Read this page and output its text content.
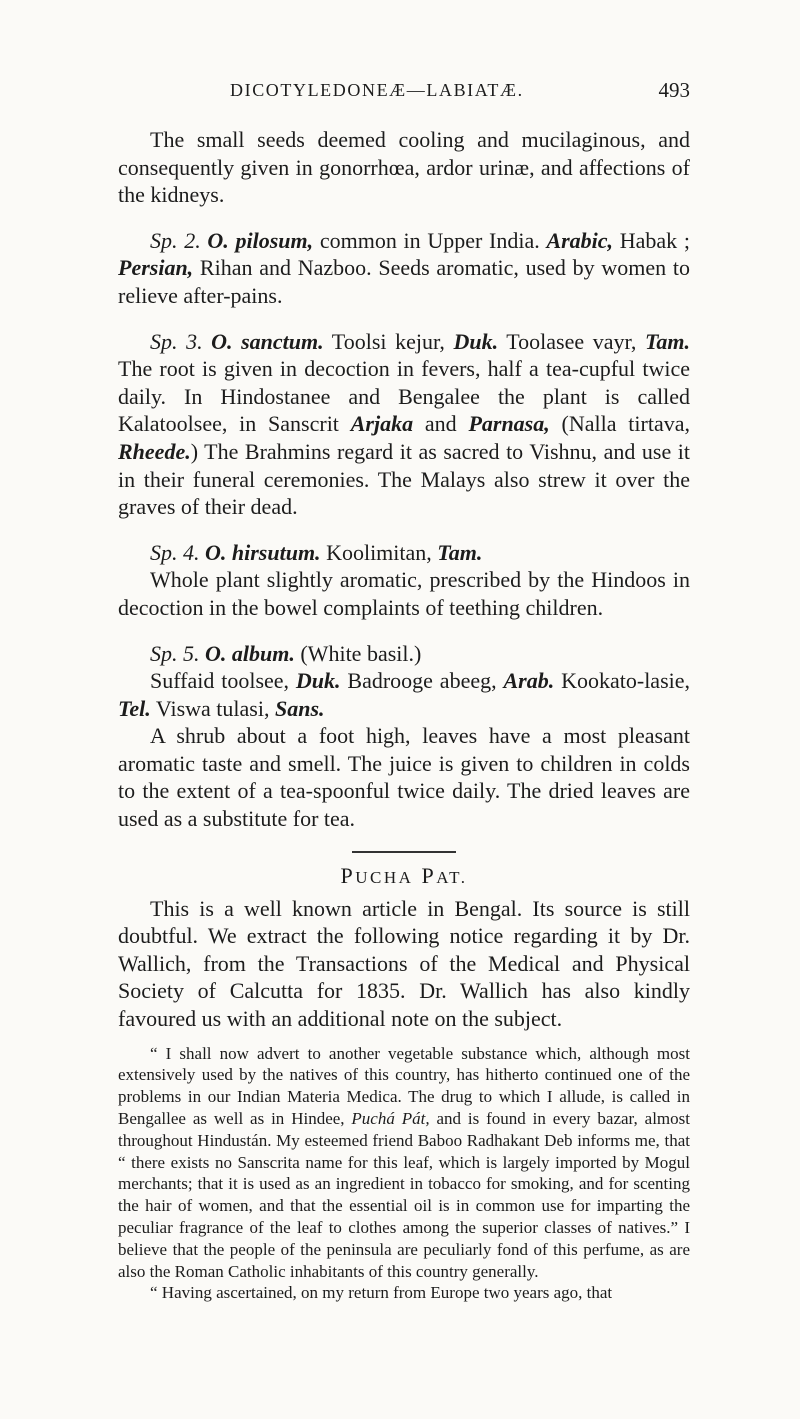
DICOTYLEDONEÆ—LABIATÆ.	493

The small seeds deemed cooling and mucilaginous, and consequently given in gonorrhœa, ardor urinæ, and affections of the kidneys.

Sp. 2. O. pilosum, common in Upper India. Arabic, Habak ; Persian, Rihan and Nazboo. Seeds aromatic, used by women to relieve after-pains.

Sp. 3. O. sanctum. Toolsi kejur, Duk. Toolasee vayr, Tam. The root is given in decoction in fevers, half a tea-cupful twice daily. In Hindostanee and Bengalee the plant is called Kalatoolsee, in Sanscrit Arjaka and Parnasa, (Nalla tirtava, Rheede.) The Brahmins regard it as sacred to Vishnu, and use it in their funeral ceremonies. The Malays also strew it over the graves of their dead.

Sp. 4. O. hirsutum. Koolimitan, Tam.

Whole plant slightly aromatic, prescribed by the Hindoos in decoction in the bowel complaints of teething children.

Sp. 5. O. album. (White basil.)

Suffaid toolsee, Duk. Badrooge abeeg, Arab. Kookato-lasie, Tel. Viswa tulasi, Sans.

A shrub about a foot high, leaves have a most pleasant aromatic taste and smell. The juice is given to children in colds to the extent of a tea-spoonful twice daily. The dried leaves are used as a substitute for tea.

PUCHA PAT.

This is a well known article in Bengal. Its source is still doubtful. We extract the following notice regarding it by Dr. Wallich, from the Transactions of the Medical and Physical Society of Calcutta for 1835. Dr. Wallich has also kindly favoured us with an additional note on the subject.

“ I shall now advert to another vegetable substance which, although most extensively used by the natives of this country, has hitherto continued one of the problems in our Indian Materia Medica. The drug to which I allude, is called in Bengallee as well as in Hindee, Puchá Pát, and is found in every bazar, almost throughout Hindustán. My esteemed friend Baboo Radhakant Deb informs me, that “ there exists no Sanscrita name for this leaf, which is largely imported by Mogul merchants; that it is used as an ingredient in tobacco for smoking, and for scenting the hair of women, and that the essential oil is in common use for imparting the peculiar fragrance of the leaf to clothes among the superior classes of natives.” I believe that the people of the peninsula are peculiarly fond of this perfume, as are also the Roman Catholic inhabitants of this country generally.

“ Having ascertained, on my return from Europe two years ago, that
